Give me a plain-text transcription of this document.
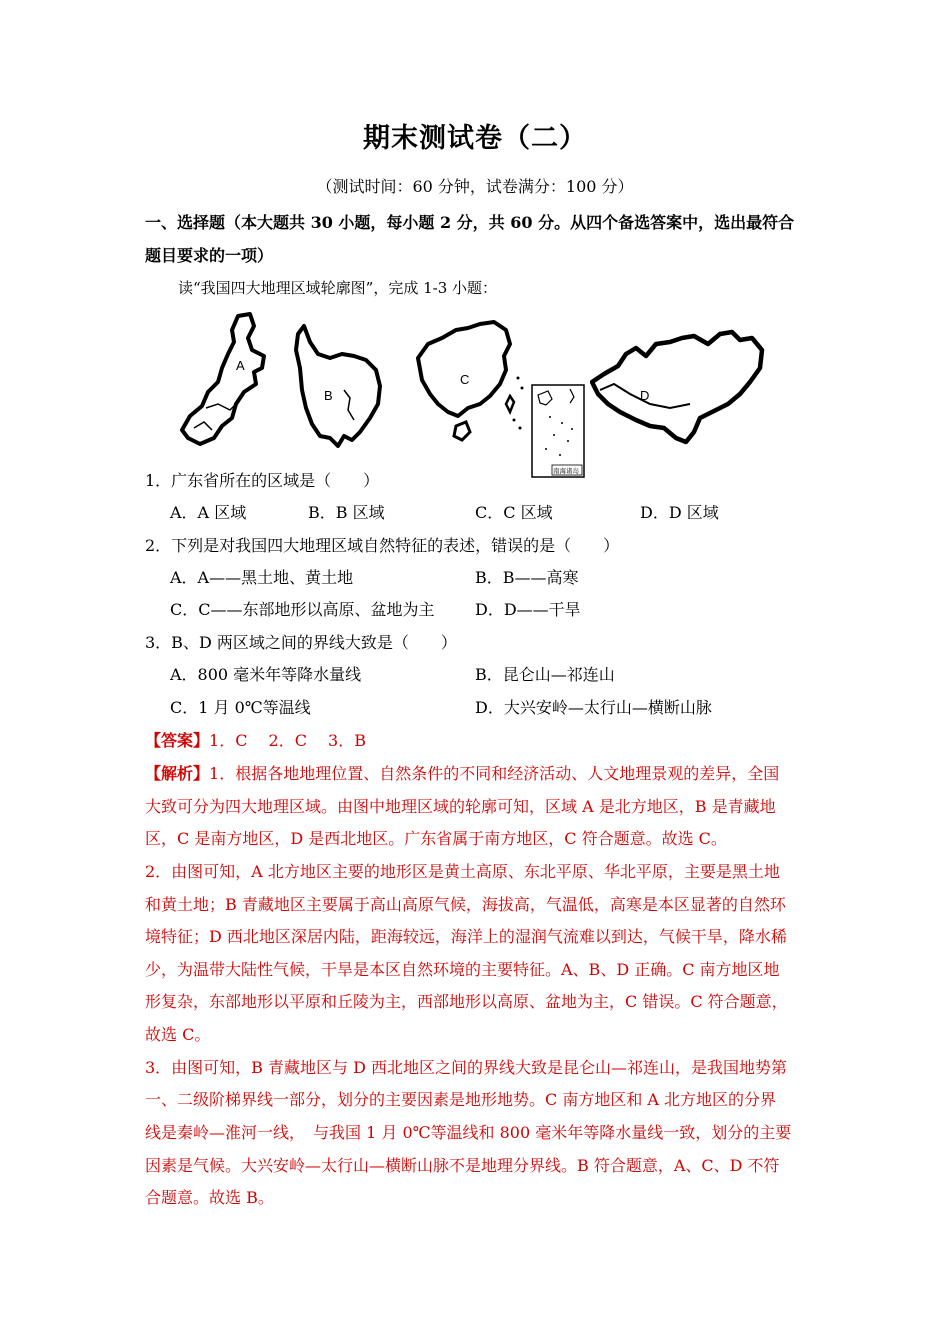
期末测试卷（二）
（测试时间：60 分钟，试卷满分：100 分）
一、选择题（本大题共 30 小题，每小题 2 分，共 60 分。从四个备选答案中，选出最符合
题目要求的一项）
读“我国四大地理区域轮廓图”，完成 1-3 小题：
A
B
C
南海诸岛
D
1．广东省所在的区域是（　　）
A．A 区域	B．B 区域	C．C 区域	D．D 区域
2．下列是对我国四大地理区域自然特征的表述，错误的是（　　）
A．A——黑土地、黄土地	B．B——高寒
C．C——东部地形以高原、盆地为主	D．D——干旱
3．B、D 两区域之间的界线大致是（　　）
A．800 毫米年等降水量线	B．昆仑山—祁连山
C．1 月 0℃等温线	D．大兴安岭—太行山—横断山脉
【答案】1．C　 2．C　 3．B
【解析】1．根据各地地理位置、自然条件的不同和经济活动、人文地理景观的差异，全国
大致可分为四大地理区域。由图中地理区域的轮廓可知，区域 A 是北方地区，B 是青藏地
区，C 是南方地区，D 是西北地区。广东省属于南方地区，C 符合题意。故选 C。
2．由图可知，A 北方地区主要的地形区是黄土高原、东北平原、华北平原，主要是黑土地
和黄土地；B 青藏地区主要属于高山高原气候，海拔高，气温低，高寒是本区显著的自然环
境特征；D 西北地区深居内陆，距海较远，海洋上的湿润气流难以到达，气候干旱，降水稀
少，为温带大陆性气候，干旱是本区自然环境的主要特征。A、B、D 正确。C 南方地区地
形复杂，东部地形以平原和丘陵为主，西部地形以高原、盆地为主，C 错误。C 符合题意，
故选 C。
3．由图可知，B 青藏地区与 D 西北地区之间的界线大致是昆仑山—祁连山，是我国地势第
一、二级阶梯界线一部分，划分的主要因素是地形地势。C 南方地区和 A 北方地区的分界
线是秦岭—淮河一线，　与我国 1 月 0℃等温线和 800 毫米年等降水量线一致，划分的主要
因素是气候。大兴安岭—太行山—横断山脉不是地理分界线。B 符合题意，A、C、D 不符
合题意。故选 B。
